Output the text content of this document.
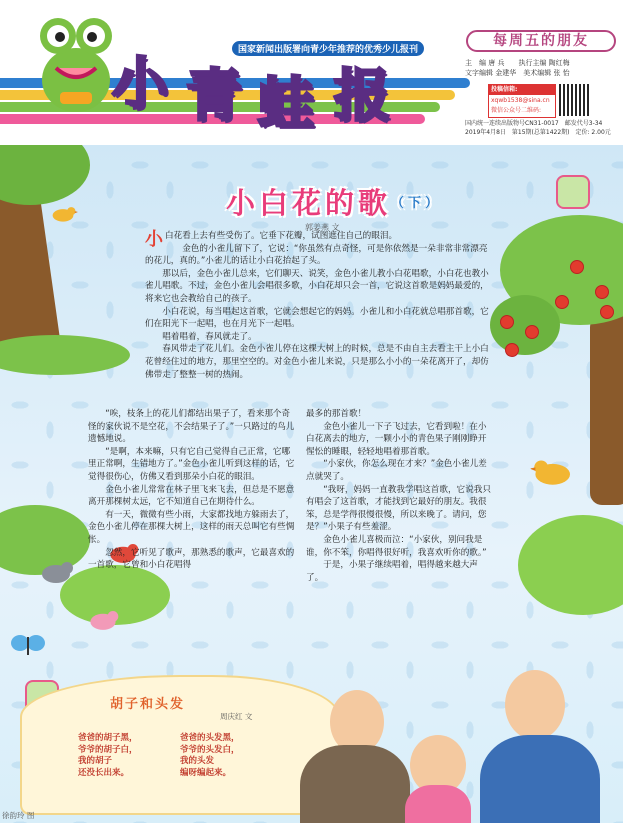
小 青 蛙 报
国家新闻出版署向青少年推荐的优秀少儿报刊
每周五的朋友
主　编 唐 兵　　执行主编 陶红梅
文字编辑 金建华　美术编辑 张 怡
投稿信箱:
xqwb1538@sina.cn
微信公众号二维码:
国内统一连续出版物号CN31-0017　邮发代号3-34
2019年4月8日 第15期(总第1422期) 定价: 2.00元
小白花的歌$^{(下)}$
郭姜燕 文

小白花看上去有些受伤了。它垂下花瓣，试图遮住自己的眼泪。

金色的小雀儿留下了，它说：“你虽然有点奇怪，可是你依然是一朵非常非常漂亮的花儿，真的。”小雀儿的话让小白花抬起了头。

那以后，金色小雀儿总来，它们聊天、说笑，金色小雀儿教小白花唱歌，小白花也教小雀儿唱歌。不过，金色小雀儿会唱很多歌，小白花却只会一首，它说这首歌是妈妈最爱的，将来它也会教给自己的孩子。

小白花说，每当唱起这首歌，它就会想起它的妈妈。小雀儿和小白花就总唱那首歌，它们在阳光下一起唱，也在月光下一起唱。

唱着唱着，春风就走了。

春风带走了花儿们。金色小雀儿停在这棵大树上的时候，总是不由自主去看主干上小白花曾经住过的地方，那里空空的。对金色小雀儿来说，只是那么小小的一朵花离开了，却仿佛带走了整整一树的热闹。

“唉，枝条上的花儿们都结出果子了，看来那个奇怪的家伙说不是空花，不会结果子了。”一只路过的鸟儿遗憾地说。

“是啊，本来嘛，只有它自己觉得自己正常，它哪里正常啊，生错地方了。”金色小雀儿听到这样的话，它觉得很伤心，仿佛又看到那朵小白花的眼泪。

金色小雀儿常常在林子里飞来飞去，但总是不愿意离开那棵树太远，它不知道自己在期待什么。

有一天，微微有些小雨，大家都找地方躲雨去了，金色小雀儿停在那棵大树上，这样的雨天总叫它有些惆怅。

忽然，它听见了歌声，那熟悉的歌声，它最喜欢的一首歌，它曾和小白花唱得

最多的那首歌！

金色小雀儿一下子飞过去，它看到啦！在小白花离去的地方，一颗小小的青色果子刚刚睁开惺忪的睡眼，轻轻地唱着那首歌。

“小家伙，你怎么现在才来？”金色小雀儿差点就哭了。

“我呀，妈妈一直教我学唱这首歌，它说我只有唱会了这首歌，才能找到它最好的朋友。我很笨，总是学得很慢很慢，所以来晚了。请问，您是？”小果子有些羞涩。

金色小雀儿喜极而泣：“小家伙，别问我是谁，你不笨，你唱得很好听，我喜欢听你的歌。”

于是，小果子继续唱着，唱得越来越大声了。

胡子和头发
周庆红 文
爸爸的胡子黑，
爷爷的胡子白，
我的胡子
还没长出来。
爸爸的头发黑，
爷爷的头发白，
我的头发
编呀编起来。
徐韵玲 图
